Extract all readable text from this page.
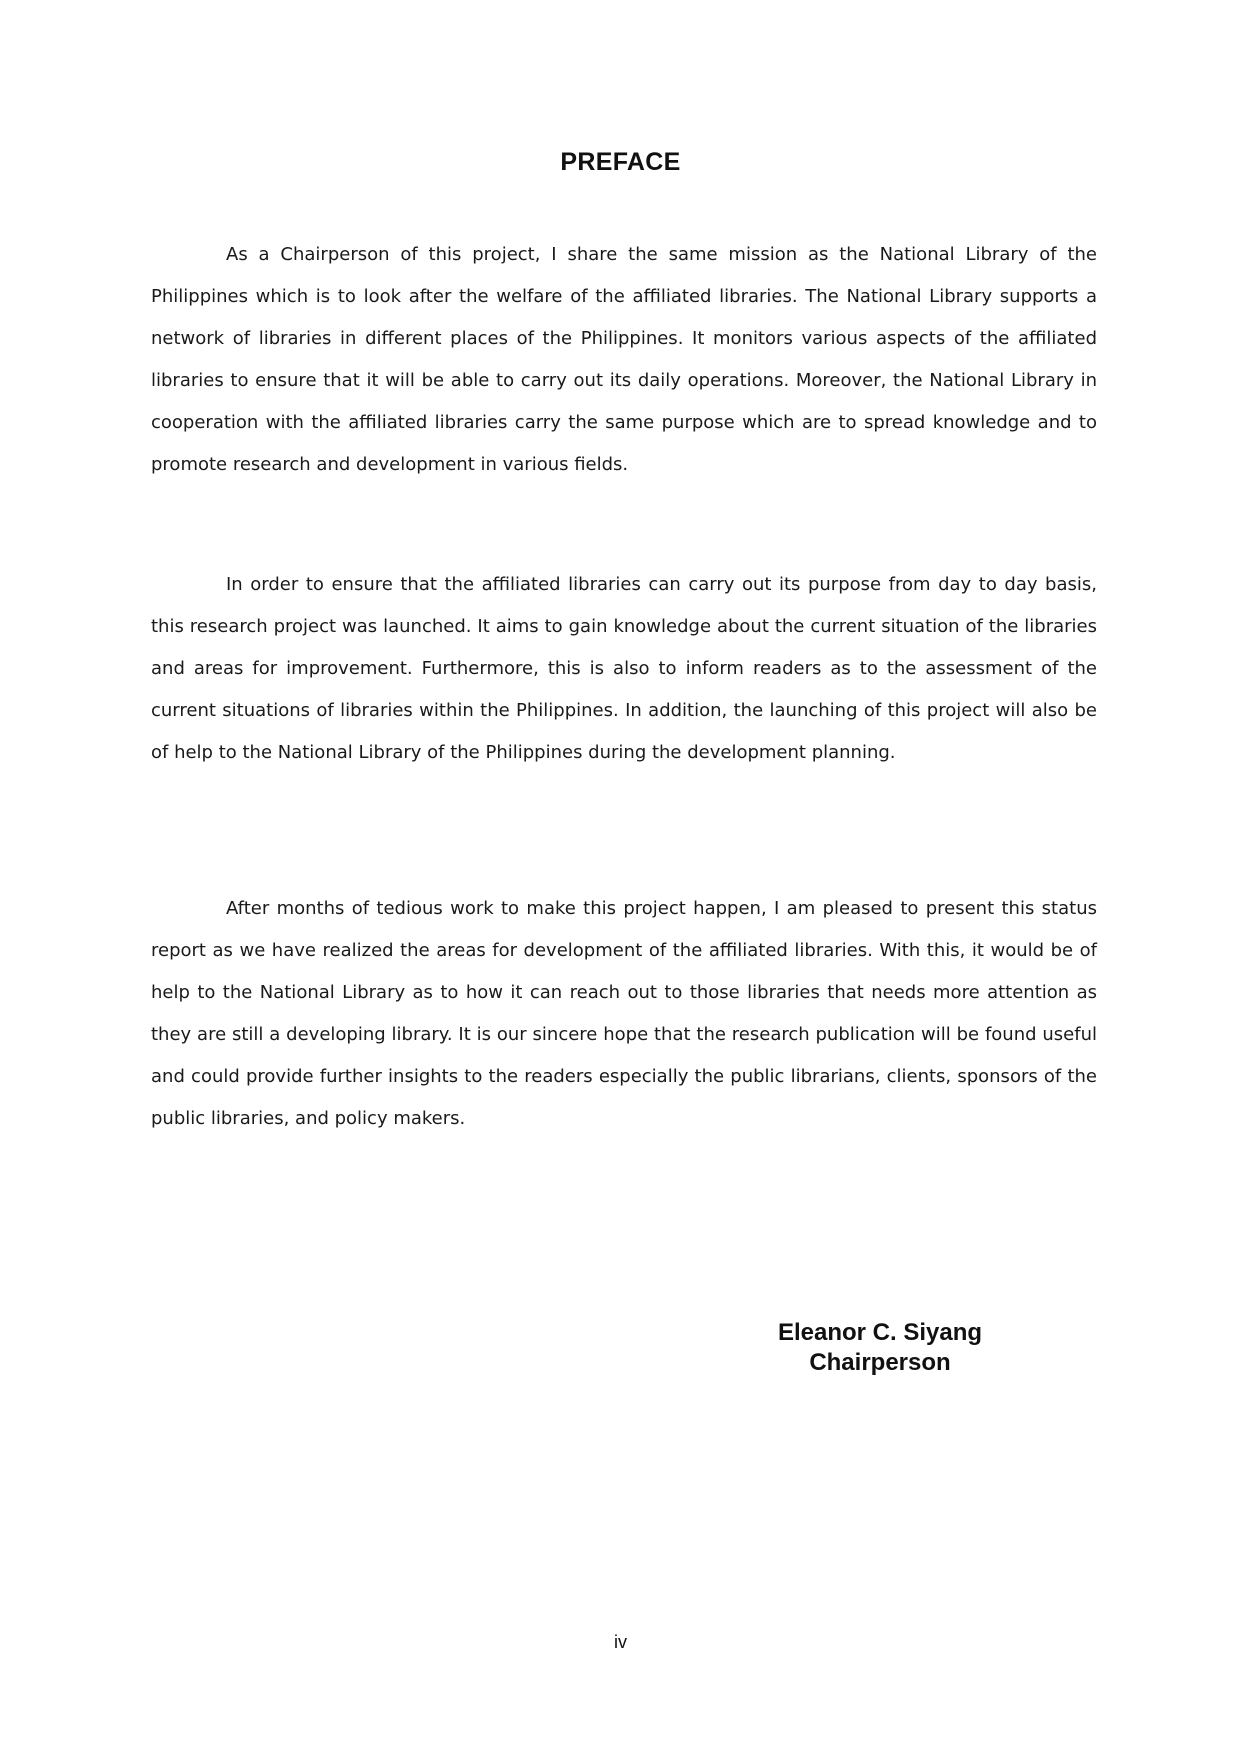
PREFACE

As a Chairperson of this project, I share the same mission as the National Library of the Philippines which is to look after the welfare of the affiliated libraries. The National Library supports a network of libraries in different places of the Philippines. It monitors various aspects of the affiliated libraries to ensure that it will be able to carry out its daily operations. Moreover, the National Library in cooperation with the affiliated libraries carry the same purpose which are to spread knowledge and to promote research and development in various fields.

In order to ensure that the affiliated libraries can carry out its purpose from day to day basis, this research project was launched. It aims to gain knowledge about the current situation of the libraries and areas for improvement. Furthermore, this is also to inform readers as to the assessment of the current situations of libraries within the Philippines. In addition, the launching of this project will also be of help to the National Library of the Philippines during the development planning.

After months of tedious work to make this project happen, I am pleased to present this status report as we have realized the areas for development of the affiliated libraries. With this, it would be of help to the National Library as to how it can reach out to those libraries that needs more attention as they are still a developing library. It is our sincere hope that the research publication will be found useful and could provide further insights to the readers especially the public librarians, clients, sponsors of the public libraries, and policy makers.

Eleanor C. Siyang
Chairperson
iv
